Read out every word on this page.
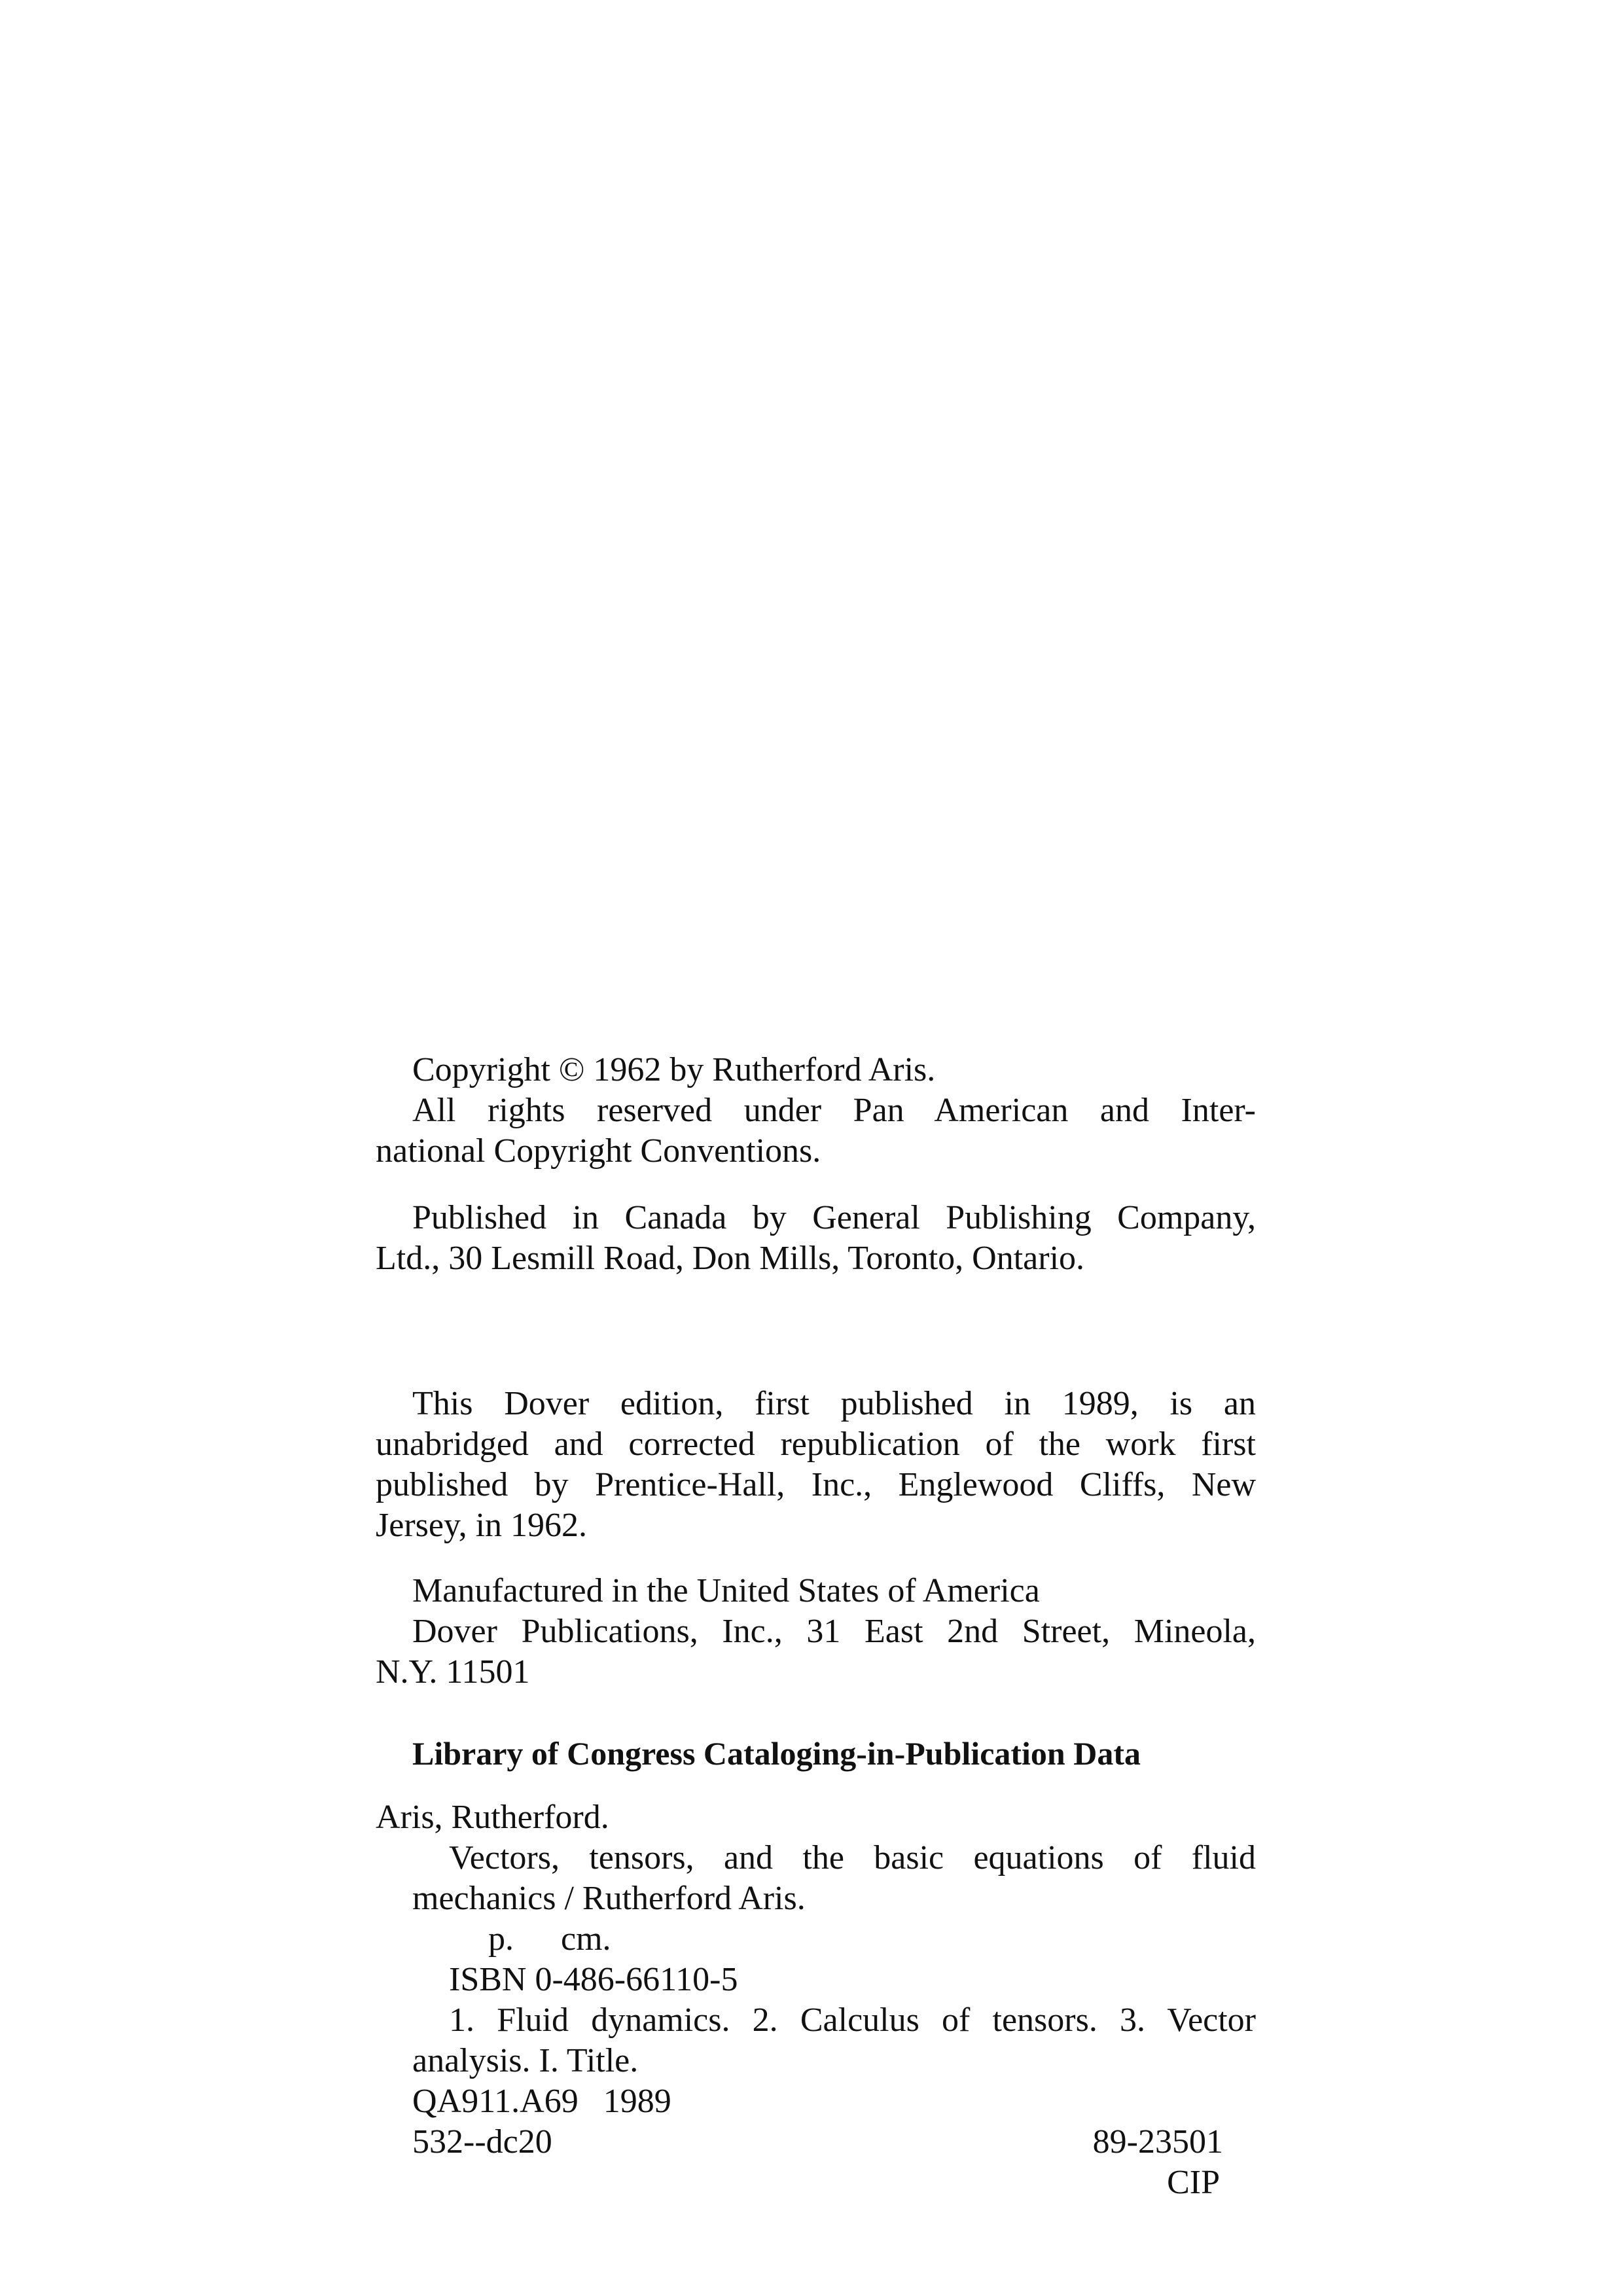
Copyright © 1962 by Rutherford Aris.
All rights reserved under Pan American and Inter-
national Copyright Conventions.
Published in Canada by General Publishing Company,
Ltd., 30 Lesmill Road, Don Mills, Toronto, Ontario.
This Dover edition, first published in 1989, is an
unabridged and corrected republication of the work first
published by Prentice-Hall, Inc., Englewood Cliffs, New
Jersey, in 1962.
Manufactured in the United States of America
Dover Publications, Inc., 31 East 2nd Street, Mineola,
N.Y. 11501
Library of Congress Cataloging-in-Publication Data
Aris, Rutherford.
Vectors, tensors, and the basic equations of fluid
mechanics / Rutherford Aris.
p. cm.
ISBN 0-486-66110-5
1. Fluid dynamics. 2. Calculus of tensors. 3. Vector
analysis. I. Title.
QA911.A69 1989
532--dc20	89-23501
CIP
